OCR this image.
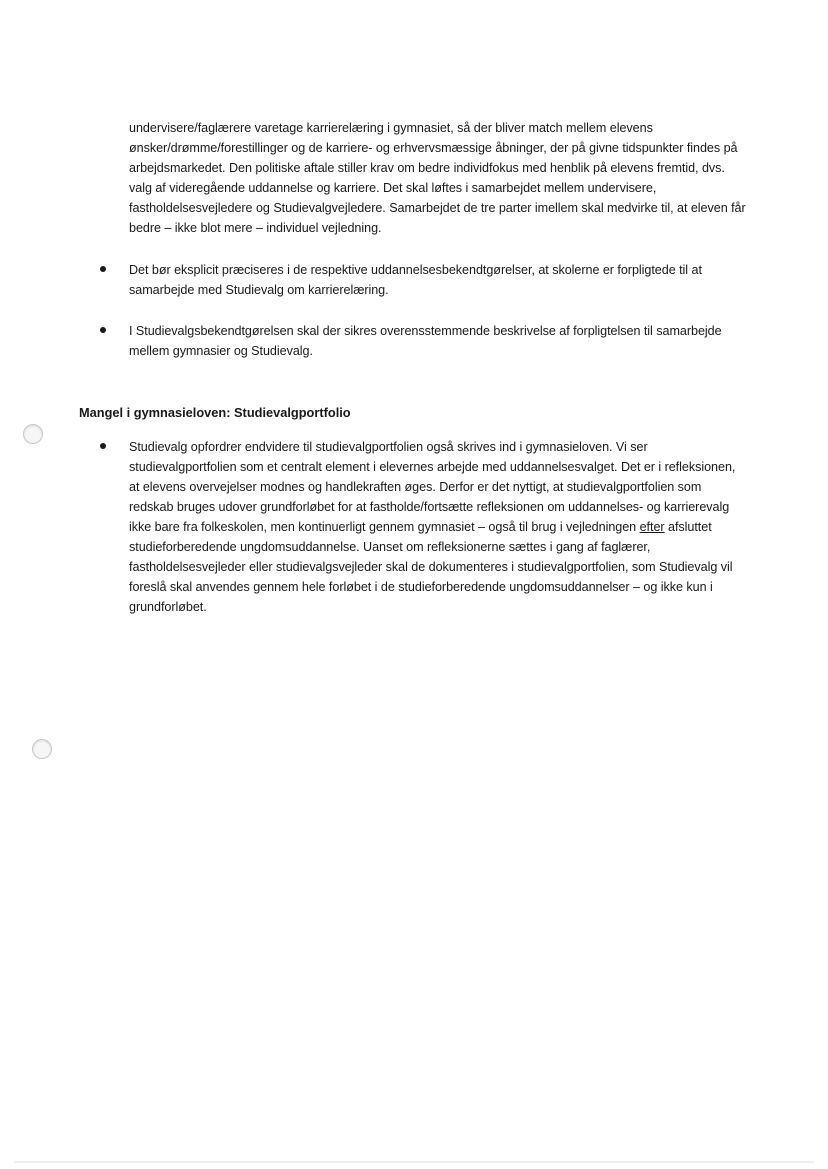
undervisere/faglærere varetage karrierelæring i gymnasiet, så der bliver match mellem elevens ønsker/drømme/forestillinger og de karriere- og erhvervsmæssige åbninger, der på givne tidspunkter findes på arbejdsmarkedet. Den politiske aftale stiller krav om bedre individfokus med henblik på elevens fremtid, dvs. valg af videregående uddannelse og karriere. Det skal løftes i samarbejdet mellem undervisere, fastholdelsesvejledere og Studievalgvejledere. Samarbejdet de tre parter imellem skal medvirke til, at eleven får bedre – ikke blot mere – individuel vejledning.
Det bør eksplicit præciseres i de respektive uddannelsesbekendtgørelser, at skolerne er forpligtede til at samarbejde med Studievalg om karrierelæring.
I Studievalgsbekendtgørelsen skal der sikres overensstemmende beskrivelse af forpligtelsen til samarbejde mellem gymnasier og Studievalg.
Mangel i gymnasieloven: Studievalgportfolio
Studievalg opfordrer endvidere til studievalgportfolien også skrives ind i gymnasieloven. Vi ser studievalgportfolien som et centralt element i elevernes arbejde med uddannelsesvalget. Det er i refleksionen, at elevens overvejelser modnes og handlekraften øges. Derfor er det nyttigt, at studievalgportfolien som redskab bruges udover grundforløbet for at fastholde/fortsætte refleksionen om uddannelses- og karrierevalg ikke bare fra folkeskolen, men kontinuerligt gennem gymnasiet – også til brug i vejledningen efter afsluttet studieforberedende ungdomsuddannelse. Uanset om refleksionerne sættes i gang af faglærer, fastholdelsesvejleder eller studievalgsvejleder skal de dokumenteres i studievalgportfolien, som Studievalg vil foreslå skal anvendes gennem hele forløbet i de studieforberedende ungdomsuddannelser – og ikke kun i grundforløbet.
